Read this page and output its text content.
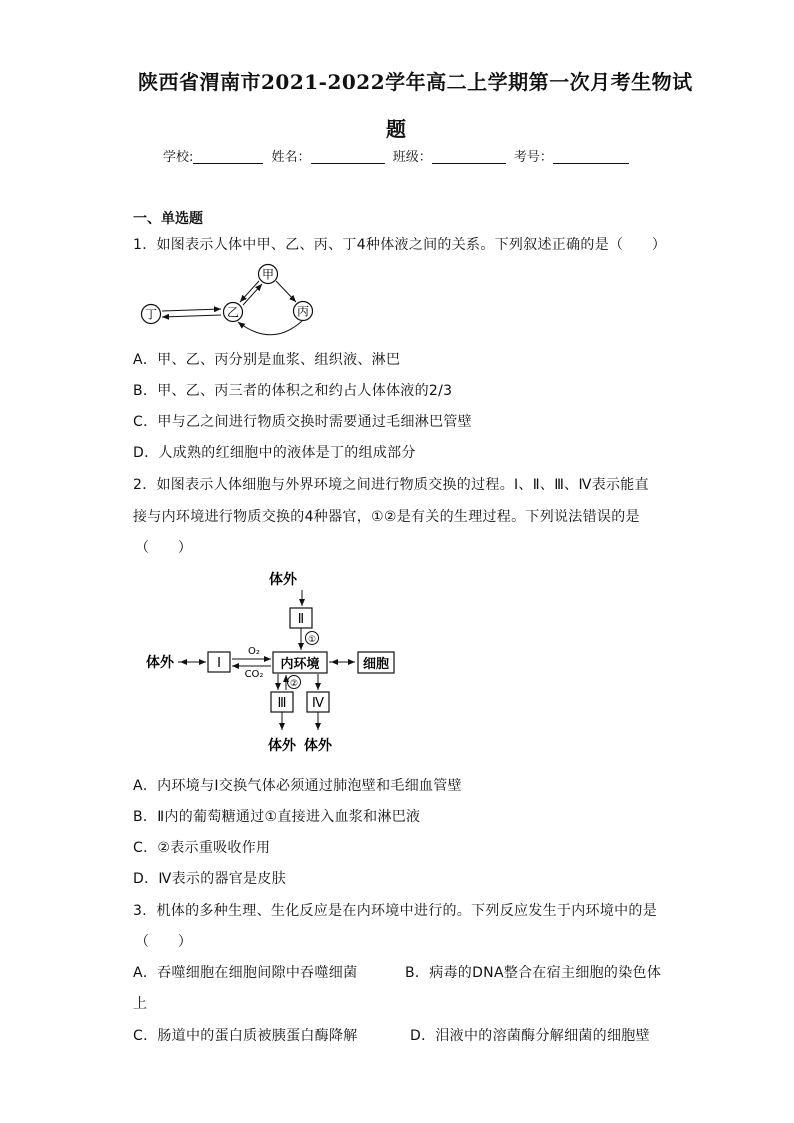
陕西省渭南市2021-2022学年高二上学期第一次月考生物试
题
学校:	姓名：	班级：	考号：
一、单选题
1．如图表示人体中甲、乙、丙、丁4种体液之间的关系。下列叙述正确的是（　　）
甲
乙	丙
丁
A．甲、乙、丙分别是血浆、组织液、淋巴
B．甲、乙、丙三者的体积之和约占人体体液的2/3
C．甲与乙之间进行物质交换时需要通过毛细淋巴管壁
D．人成熟的红细胞中的液体是丁的组成部分
2．如图表示人体细胞与外界环境之间进行物质交换的过程。Ⅰ、Ⅱ、Ⅲ、Ⅳ表示能直
接与内环境进行物质交换的4种器官，①②是有关的生理过程。下列说法错误的是
（　　）
体外
Ⅱ
①
体外	Ⅰ
O₂
CO₂
内环境	细胞
②
Ⅲ
体外
Ⅳ
体外
A．内环境与Ⅰ交换气体必须通过肺泡壁和毛细血管壁
B．Ⅱ内的葡萄糖通过①直接进入血浆和淋巴液
C．②表示重吸收作用
D．Ⅳ表示的器官是皮肤
3．机体的多种生理、生化反应是在内环境中进行的。下列反应发生于内环境中的是
（　　）
A．吞噬细胞在细胞间隙中吞噬细菌	B．病毒的DNA整合在宿主细胞的染色体
上
C．肠道中的蛋白质被胰蛋白酶降解	D．泪液中的溶菌酶分解细菌的细胞壁
